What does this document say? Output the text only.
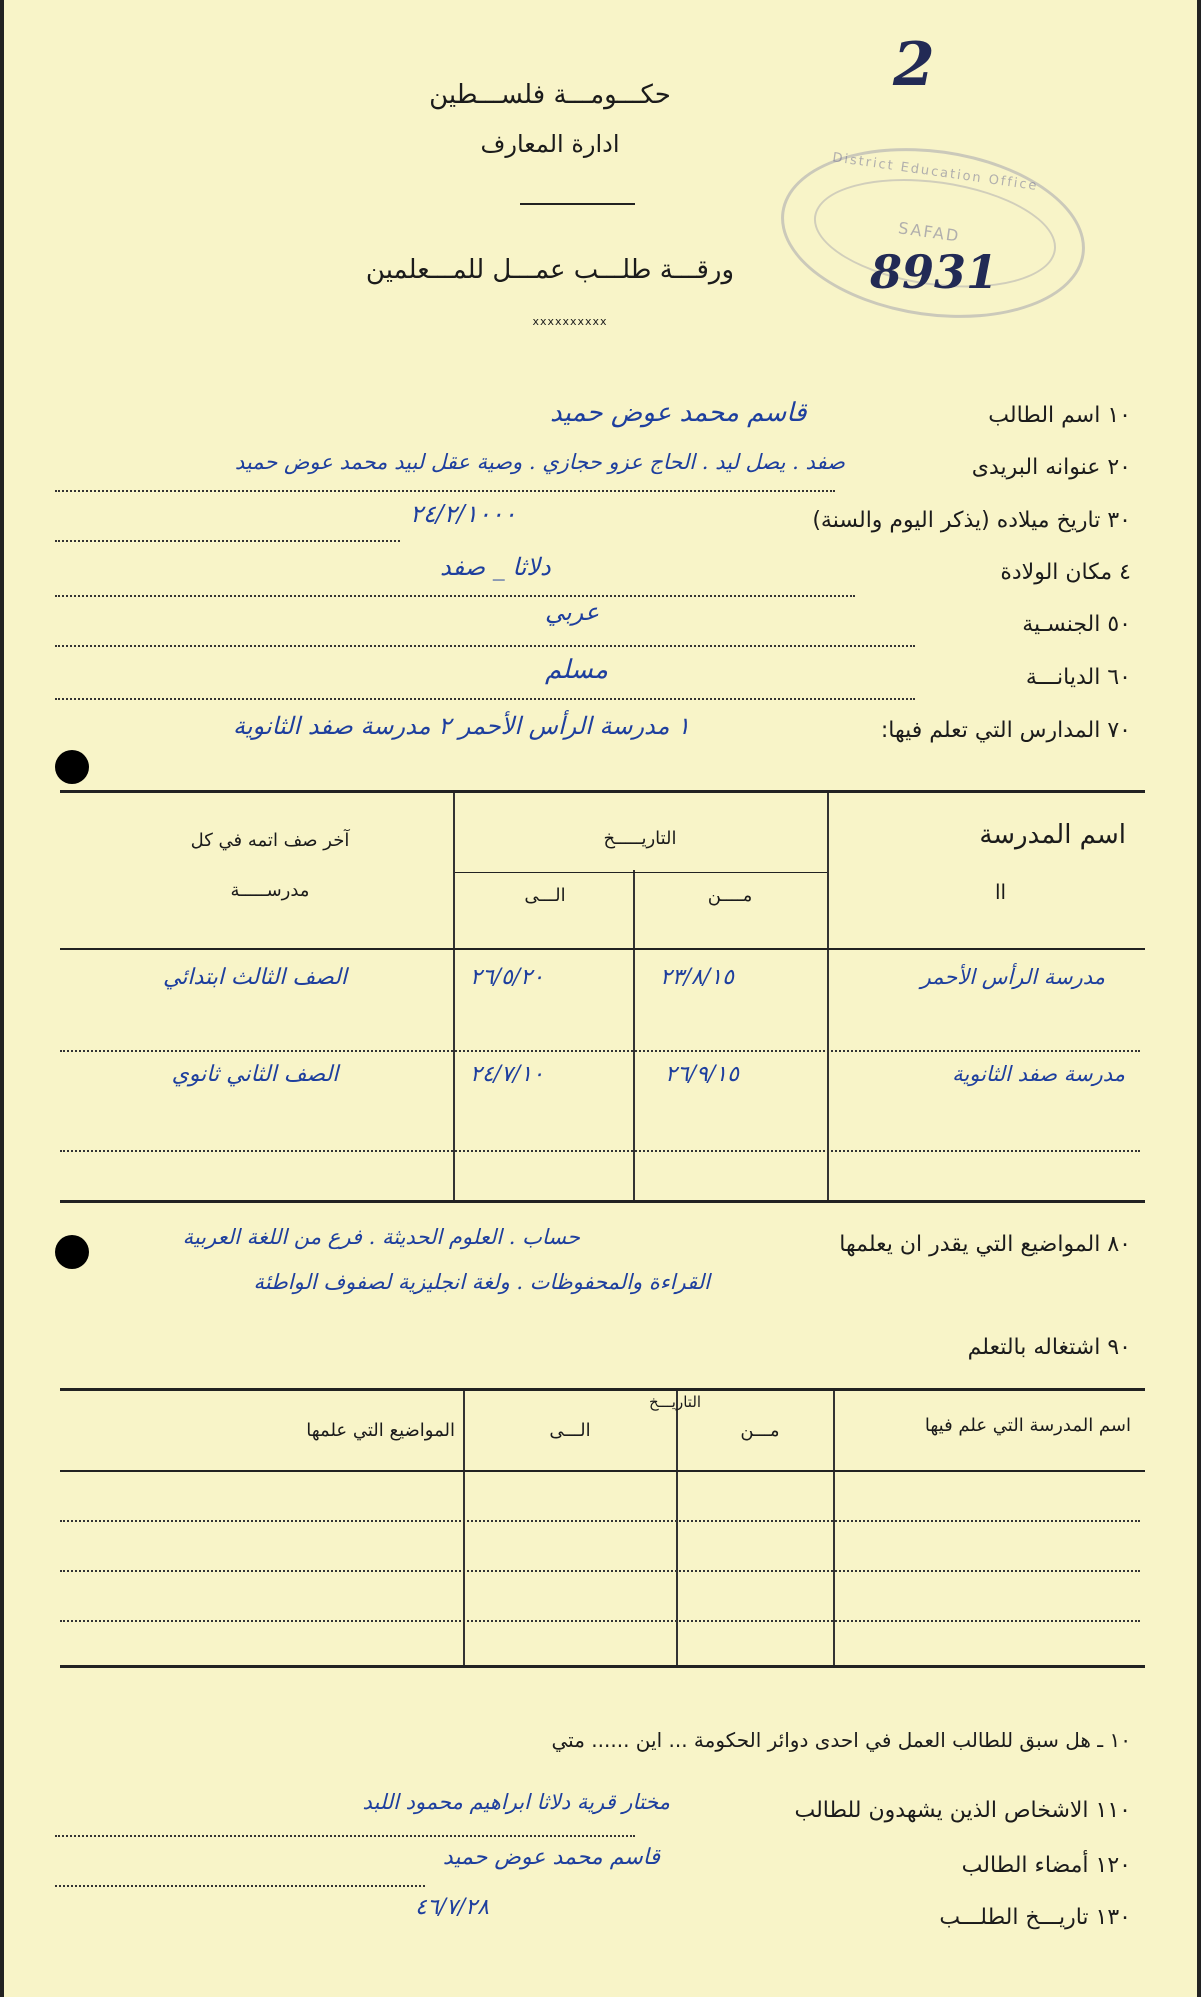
2
District Education Office
SAFAD
حكـــومـــة فلســـطين
ادارة المعارف
ورقـــة طلـــب عمـــل للمـــعلمين	8931
xxxxxxxxxx
١٠ اسم الطالب
قاسم محمد عوض حميد
٢٠ عنوانه البريدى
صفد . يصل ليد . الحاج عزو حجازي . وصية عقل لبيد محمد عوض حميد
٣٠ تاريخ ميلاده (يذكر اليوم والسنة)
٢٤/٢/١٠٠٠
٤ مكان الولادة
دلاثا _ صفد
٥٠ الجنسـية
عربي
٦٠ الديانـــة
مسلم
٧٠ المدارس التي تعلم فيها:
١ مدرسة الرأس الأحمر ٢ مدرسة صفد الثانوية
اسم المدرسة
ll
التاريـــــخ
مــــن
الـــى
آخر صف اتمه في كل
مدرســـــة
مدرسة الرأس الأحمر
٢٣/٨/١٥
٢٦/٥/٢٠
الصف الثالث ابتدائي
مدرسة صفد الثانوية
٢٦/٩/١٥
٢٤/٧/١٠
الصف الثاني ثانوي
٨٠ المواضيع التي يقدر ان يعلمها
حساب . العلوم الحديثة . فرع من اللغة العربية
القراءة والمحفوظات . ولغة انجليزية لصفوف الواطئة
٩٠ اشتغاله بالتعلم
اسم المدرسة التي علم فيها
التاريـــخ
مـــن
الـــى
المواضيع التي علمها
١٠ ـ هل سبق للطالب العمل في احدى دوائر الحكومة ... اين ...... متي
١١٠ الاشخاص الذين يشهدون للطالب
مختار قرية دلاثا ابراهيم محمود اللبد
١٢٠ أمضاء الطالب
قاسم محمد عوض حميد
١٣٠ تاريـــخ الطلـــب
٤٦/٧/٢٨
